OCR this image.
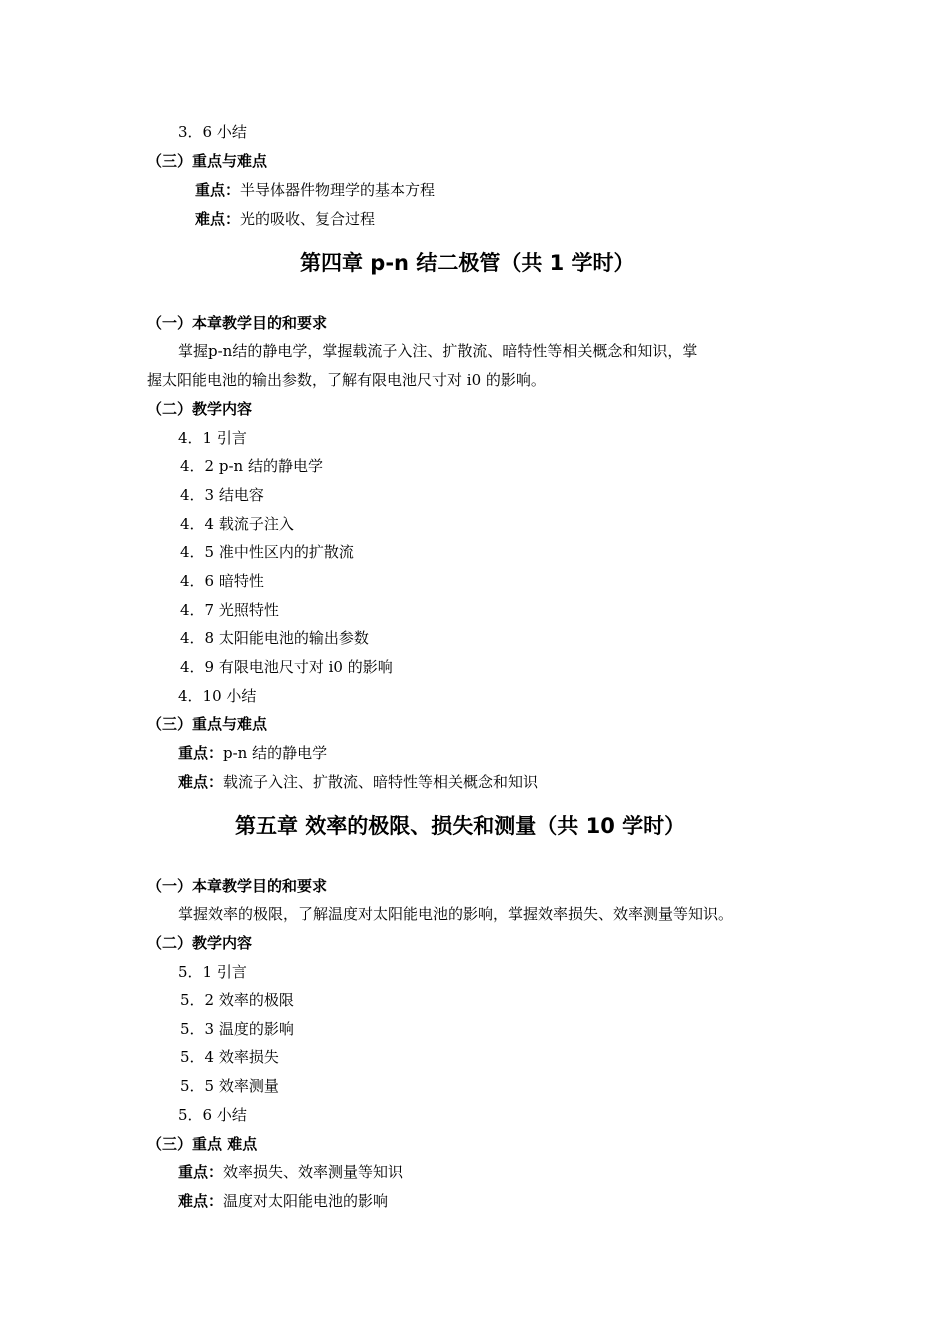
3．6 小结
（三）重点与难点
重点：半导体器件物理学的基本方程
难点：光的吸收、复合过程
第四章 p-n 结二极管（共 1 学时）
（一）本章教学目的和要求
掌握p-n结的静电学，掌握载流子入注、扩散流、暗特性等相关概念和知识，掌
握太阳能电池的输出参数，了解有限电池尺寸对 i0 的影响。
（二）教学内容
4．1 引言
4．2 p-n 结的静电学
4．3 结电容
4．4 载流子注入
4．5 准中性区内的扩散流
4．6 暗特性
4．7 光照特性
4．8 太阳能电池的输出参数
4．9 有限电池尺寸对 i0 的影响
4．10 小结
（三）重点与难点
重点：p-n 结的静电学
难点：载流子入注、扩散流、暗特性等相关概念和知识
第五章 效率的极限、损失和测量（共 10 学时）
（一）本章教学目的和要求
掌握效率的极限，了解温度对太阳能电池的影响，掌握效率损失、效率测量等知识。
（二）教学内容
5．1 引言
5．2 效率的极限
5．3 温度的影响
5．4 效率损失
5．5 效率测量
5．6 小结
（三）重点 难点
重点：效率损失、效率测量等知识
难点：温度对太阳能电池的影响
